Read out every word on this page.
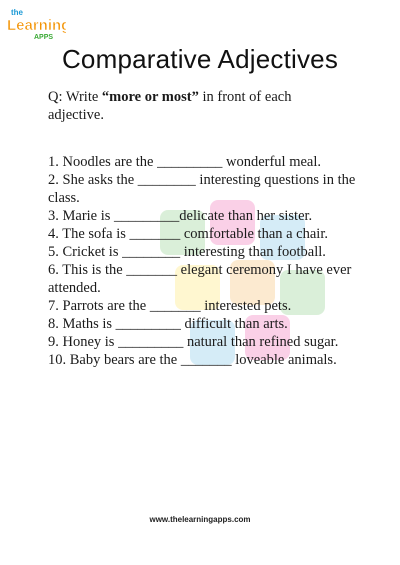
the
Learning
APPS
Comparative Adjectives
Q: Write “more or most” in front of each adjective.
1. Noodles are the _________ wonderful meal.
2. She asks the ________ interesting questions in the class.
3. Marie is _________delicate than her sister.
4. The sofa is _______ comfortable than a chair.
5. Cricket is ________ interesting than football.
6. This is the _______ elegant ceremony I have ever attended.
7. Parrots are the _______ interested pets.
8. Maths is _________ difficult than arts.
9. Honey is _________ natural than refined sugar.
10. Baby bears are the _______ loveable animals.
www.thelearningapps.com
